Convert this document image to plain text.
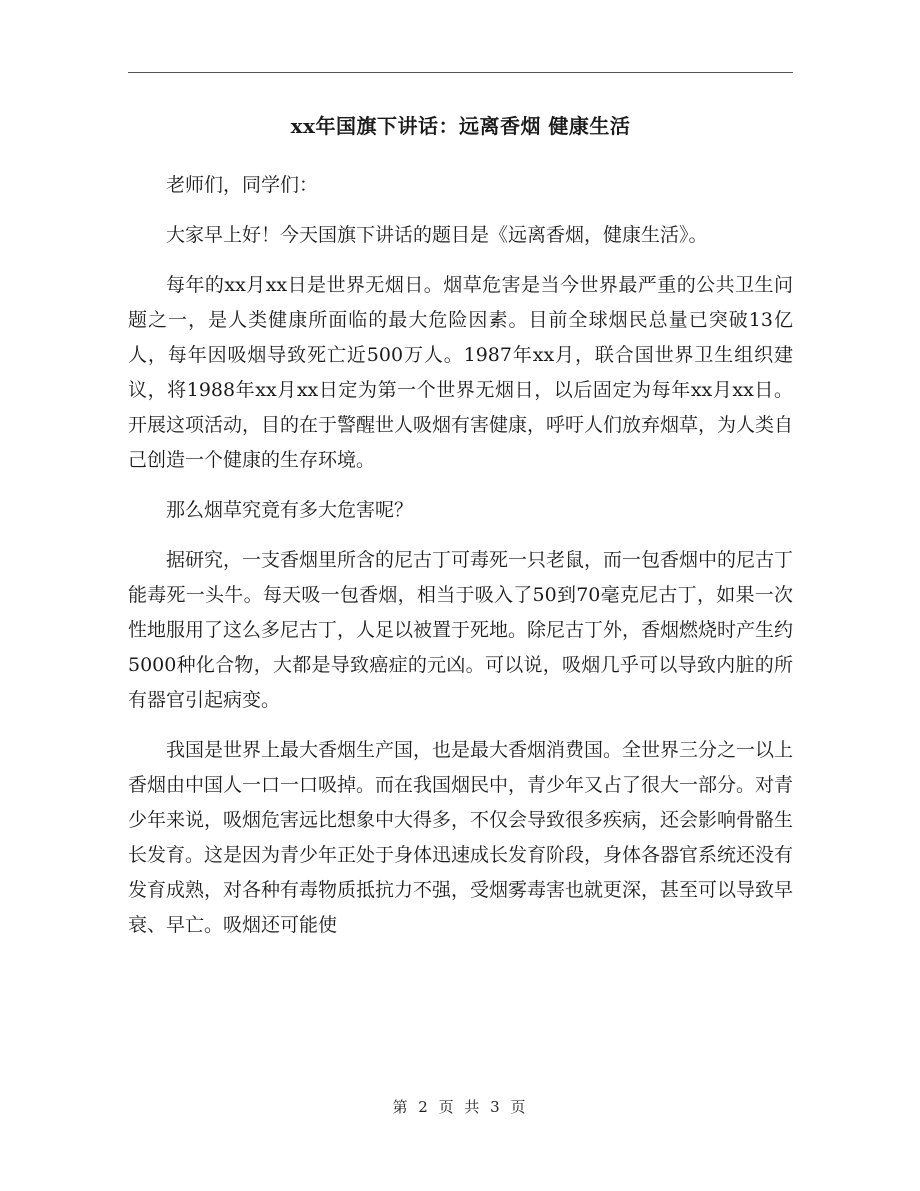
xx年国旗下讲话：远离香烟 健康生活

老师们，同学们：

大家早上好！今天国旗下讲话的题目是《远离香烟，健康生活》。

每年的xx月xx日是世界无烟日。烟草危害是当今世界最严重的公共卫生问题之一，是人类健康所面临的最大危险因素。目前全球烟民总量已突破13亿人，每年因吸烟导致死亡近500万人。1987年xx月，联合国世界卫生组织建议，将1988年xx月xx日定为第一个世界无烟日，以后固定为每年xx月xx日。开展这项活动，目的在于警醒世人吸烟有害健康，呼吁人们放弃烟草，为人类自己创造一个健康的生存环境。

那么烟草究竟有多大危害呢？

据研究，一支香烟里所含的尼古丁可毒死一只老鼠，而一包香烟中的尼古丁能毒死一头牛。每天吸一包香烟，相当于吸入了50到70毫克尼古丁，如果一次性地服用了这么多尼古丁，人足以被置于死地。除尼古丁外，香烟燃烧时产生约5000种化合物，大都是导致癌症的元凶。可以说，吸烟几乎可以导致内脏的所有器官引起病变。

我国是世界上最大香烟生产国，也是最大香烟消费国。全世界三分之一以上香烟由中国人一口一口吸掉。而在我国烟民中，青少年又占了很大一部分。对青少年来说，吸烟危害远比想象中大得多，不仅会导致很多疾病，还会影响骨骼生长发育。这是因为青少年正处于身体迅速成长发育阶段，身体各器官系统还没有发育成熟，对各种有毒物质抵抗力不强，受烟雾毒害也就更深，甚至可以导致早衰、早亡。吸烟还可能使

第 2 页 共 3 页
